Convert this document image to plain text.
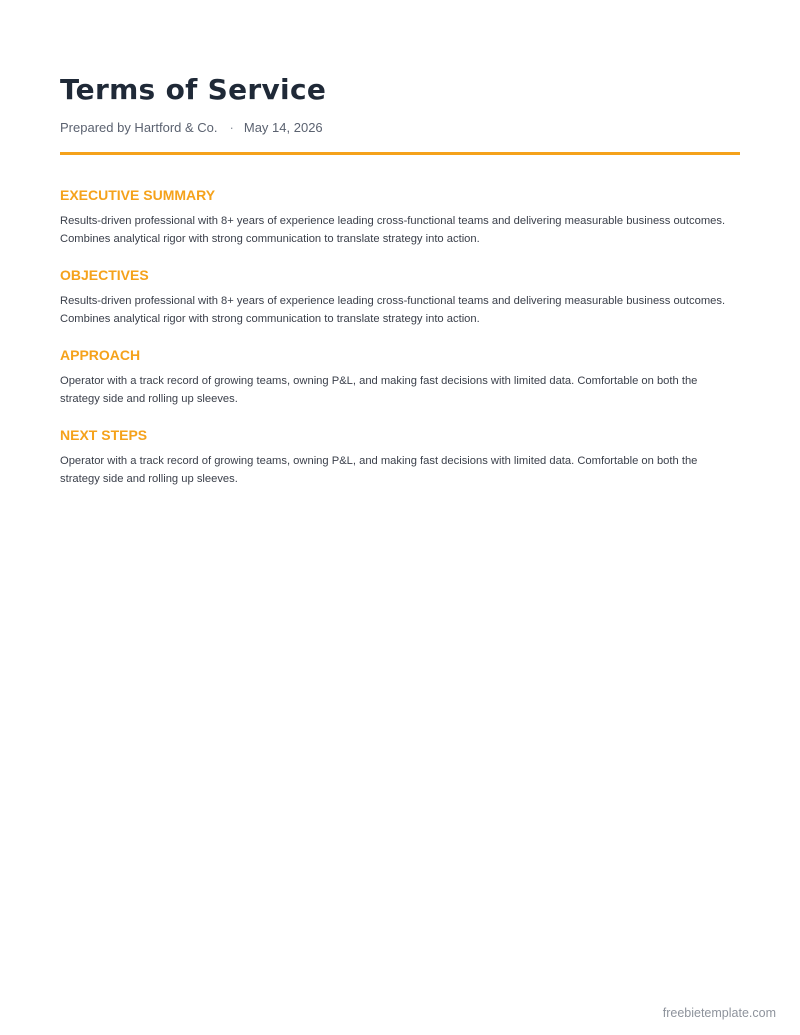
Terms of Service
Prepared by Hartford & Co. · May 14, 2026
EXECUTIVE SUMMARY

Results-driven professional with 8+ years of experience leading cross-functional teams and delivering measurable business outcomes. Combines analytical rigor with strong communication to translate strategy into action.

OBJECTIVES

Results-driven professional with 8+ years of experience leading cross-functional teams and delivering measurable business outcomes. Combines analytical rigor with strong communication to translate strategy into action.

APPROACH

Operator with a track record of growing teams, owning P&L, and making fast decisions with limited data. Comfortable on both the strategy side and rolling up sleeves.

NEXT STEPS

Operator with a track record of growing teams, owning P&L, and making fast decisions with limited data. Comfortable on both the strategy side and rolling up sleeves.

freebietemplate.com
